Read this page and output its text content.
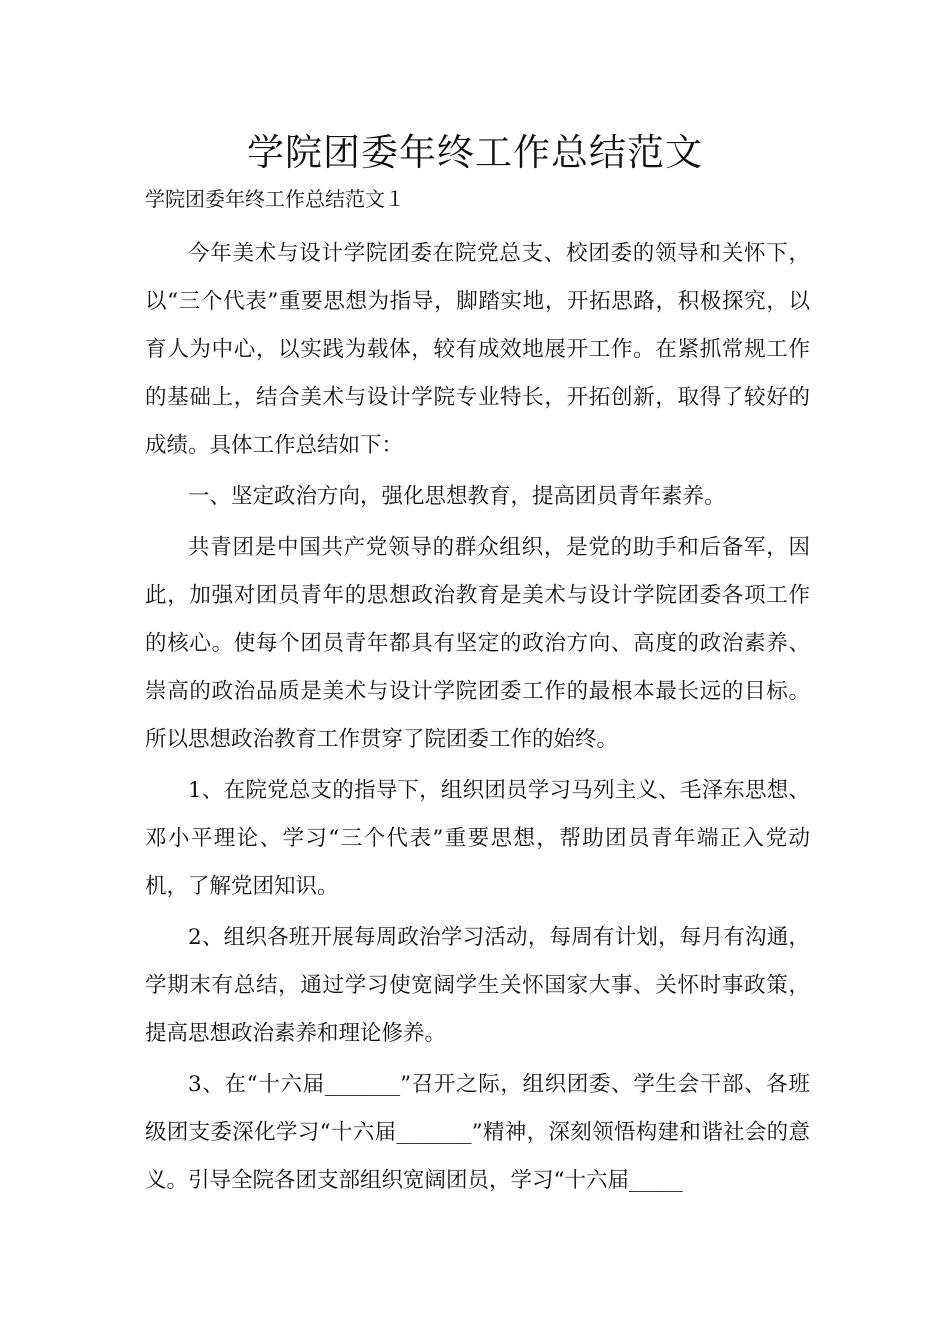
学院团委年终工作总结范文

学院团委年终工作总结范文１

今年美术与设计学院团委在院党总支、校团委的领导和关怀下，以“三个代表”重要思想为指导，脚踏实地，开拓思路，积极探究，以育人为中心，以实践为载体，较有成效地展开工作。在紧抓常规工作的基础上，结合美术与设计学院专业特长，开拓创新，取得了较好的成绩。具体工作总结如下：

一、坚定政治方向，强化思想教育，提高团员青年素养。

共青团是中国共产党领导的群众组织，是党的助手和后备军，因此，加强对团员青年的思想政治教育是美术与设计学院团委各项工作的核心。使每个团员青年都具有坚定的政治方向、高度的政治素养、崇高的政治品质是美术与设计学院团委工作的最根本最长远的目标。所以思想政治教育工作贯穿了院团委工作的始终。

1、在院党总支的指导下，组织团员学习马列主义、毛泽东思想、邓小平理论、学习“三个代表”重要思想，帮助团员青年端正入党动机，了解党团知识。

2、组织各班开展每周政治学习活动，每周有计划，每月有沟通，学期末有总结，通过学习使宽阔学生关怀国家大事、关怀时事政策，提高思想政治素养和理论修养。

3、在“十六届_______”召开之际，组织团委、学生会干部、各班级团支委深化学习“十六届_______”精神，深刻领悟构建和谐社会的意义。引导全院各团支部组织宽阔团员，学习“十六届_____
